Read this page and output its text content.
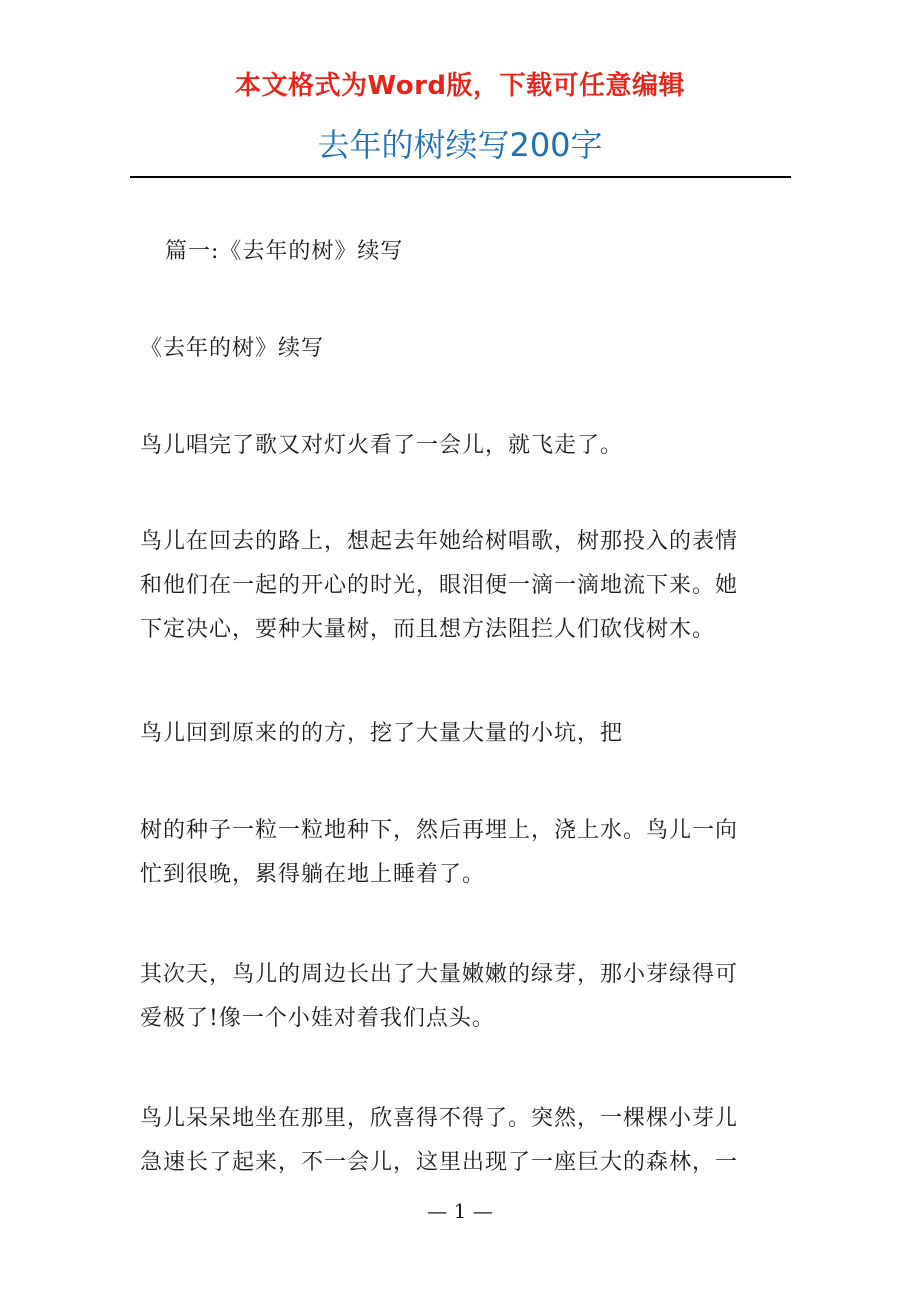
本文格式为Word版，下载可任意编辑
去年的树续写200字
篇一:《去年的树》续写
《去年的树》续写
鸟儿唱完了歌又对灯火看了一会儿，就飞走了。
鸟儿在回去的路上，想起去年她给树唱歌，树那投入的表情
和他们在一起的开心的时光，眼泪便一滴一滴地流下来。她
下定决心，要种大量树，而且想方法阻拦人们砍伐树木。
鸟儿回到原来的的方，挖了大量大量的小坑，把
树的种子一粒一粒地种下，然后再埋上，浇上水。鸟儿一向
忙到很晚，累得躺在地上睡着了。
其次天，鸟儿的周边长出了大量嫩嫩的绿芽，那小芽绿得可
爱极了!像一个小娃对着我们点头。
鸟儿呆呆地坐在那里，欣喜得不得了。突然，一棵棵小芽儿
急速长了起来，不一会儿，这里出现了一座巨大的森林，一
— 1 —
